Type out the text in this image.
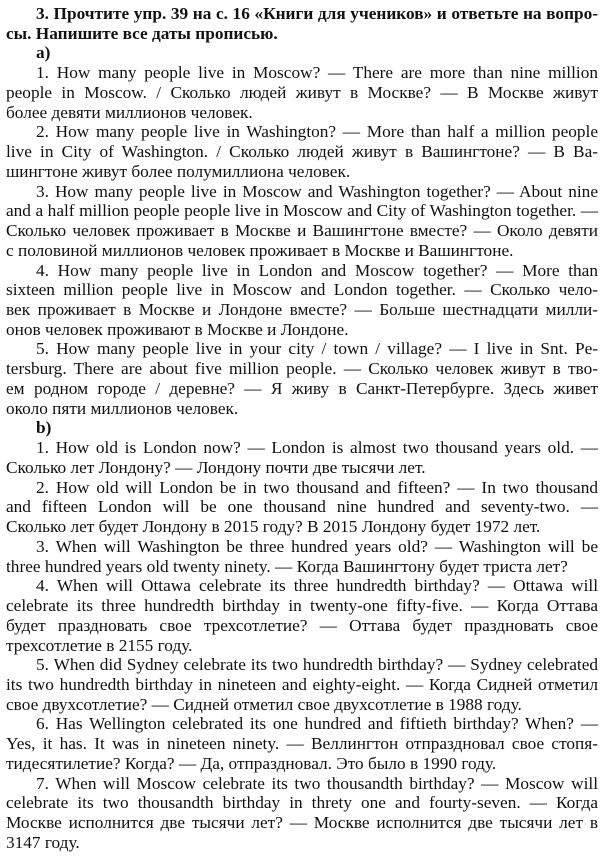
3. Прочтите упр. 39 на с. 16 «Книги для учеников» и ответьте на вопро-
сы. Напишите все даты прописью.
a)
1. How many people live in Moscow? — There are more than nine million
people in Moscow. / Сколько людей живут в Москве? — В Москве живут
более девяти миллионов человек.
2. How many people live in Washington? — More than half a million people
live in City of Washington. / Сколько людей живут в Вашингтоне? — В Ва-
шингтоне живут более полумиллиона человек.
3. How many people live in Moscow and Washington together? — About nine
and a half million people people live in Moscow and City of Washington together. —
Сколько человек проживает в Москве и Вашингтоне вместе? — Около девяти
с половиной миллионов человек проживает в Москве и Вашингтоне.
4. How many people live in London and Moscow together? — More than
sixteen million people live in Moscow and London together. — Сколько чело-
век проживает в Москве и Лондоне вместе? — Больше шестнадцати милли-
онов человек проживают в Москве и Лондоне.
5. How many people live in your city / town / village? — I live in Snt. Pe-
tersburg. There are about five million people. — Сколько человек живут в тво-
ем родном городе / деревне? — Я живу в Санкт-Петербурге. Здесь живет
около пяти миллионов человек.
b)
1. How old is London now? — London is almost two thousand years old. —
Сколько лет Лондону? — Лондону почти две тысячи лет.
2. How old will London be in two thousand and fifteen? — In two thousand
and fifteen London will be one thousand nine hundred and seventy-two. —
Сколько лет будет Лондону в 2015 году? В 2015 Лондону будет 1972 лет.
3. When will Washington be three hundred years old? — Washington will be
three hundred years old twenty ninety. — Когда Вашингтону будет триста лет?
4. When will Ottawa celebrate its three hundredth birthday? — Ottawa will
celebrate its three hundredth birthday in twenty-one fifty-five. — Когда Оттава
будет праздновать свое трехсотлетие? — Оттава будет праздновать свое
трехсотлетие в 2155 году.
5. When did Sydney celebrate its two hundredth birthday? — Sydney celebrated
its two hundredth birthday in nineteen and eighty-eight. — Когда Сидней отметил
свое двухсотлетие? — Сидней отметил свое двухсотлетие в 1988 году.
6. Has Wellington celebrated its one hundred and fiftieth birthday? When? —
Yes, it has. It was in nineteen ninety. — Веллингтон отпраздновал свое стопя-
тидесятилетие? Когда? — Да, отпраздновал. Это было в 1990 году.
7. When will Moscow celebrate its two thousandth birthday? — Moscow will
celebrate its two thousandth birthday in threty one and fourty-seven. — Когда
Москве исполнится две тысячи лет? — Москве исполнится две тысячи лет в
3147 году.
